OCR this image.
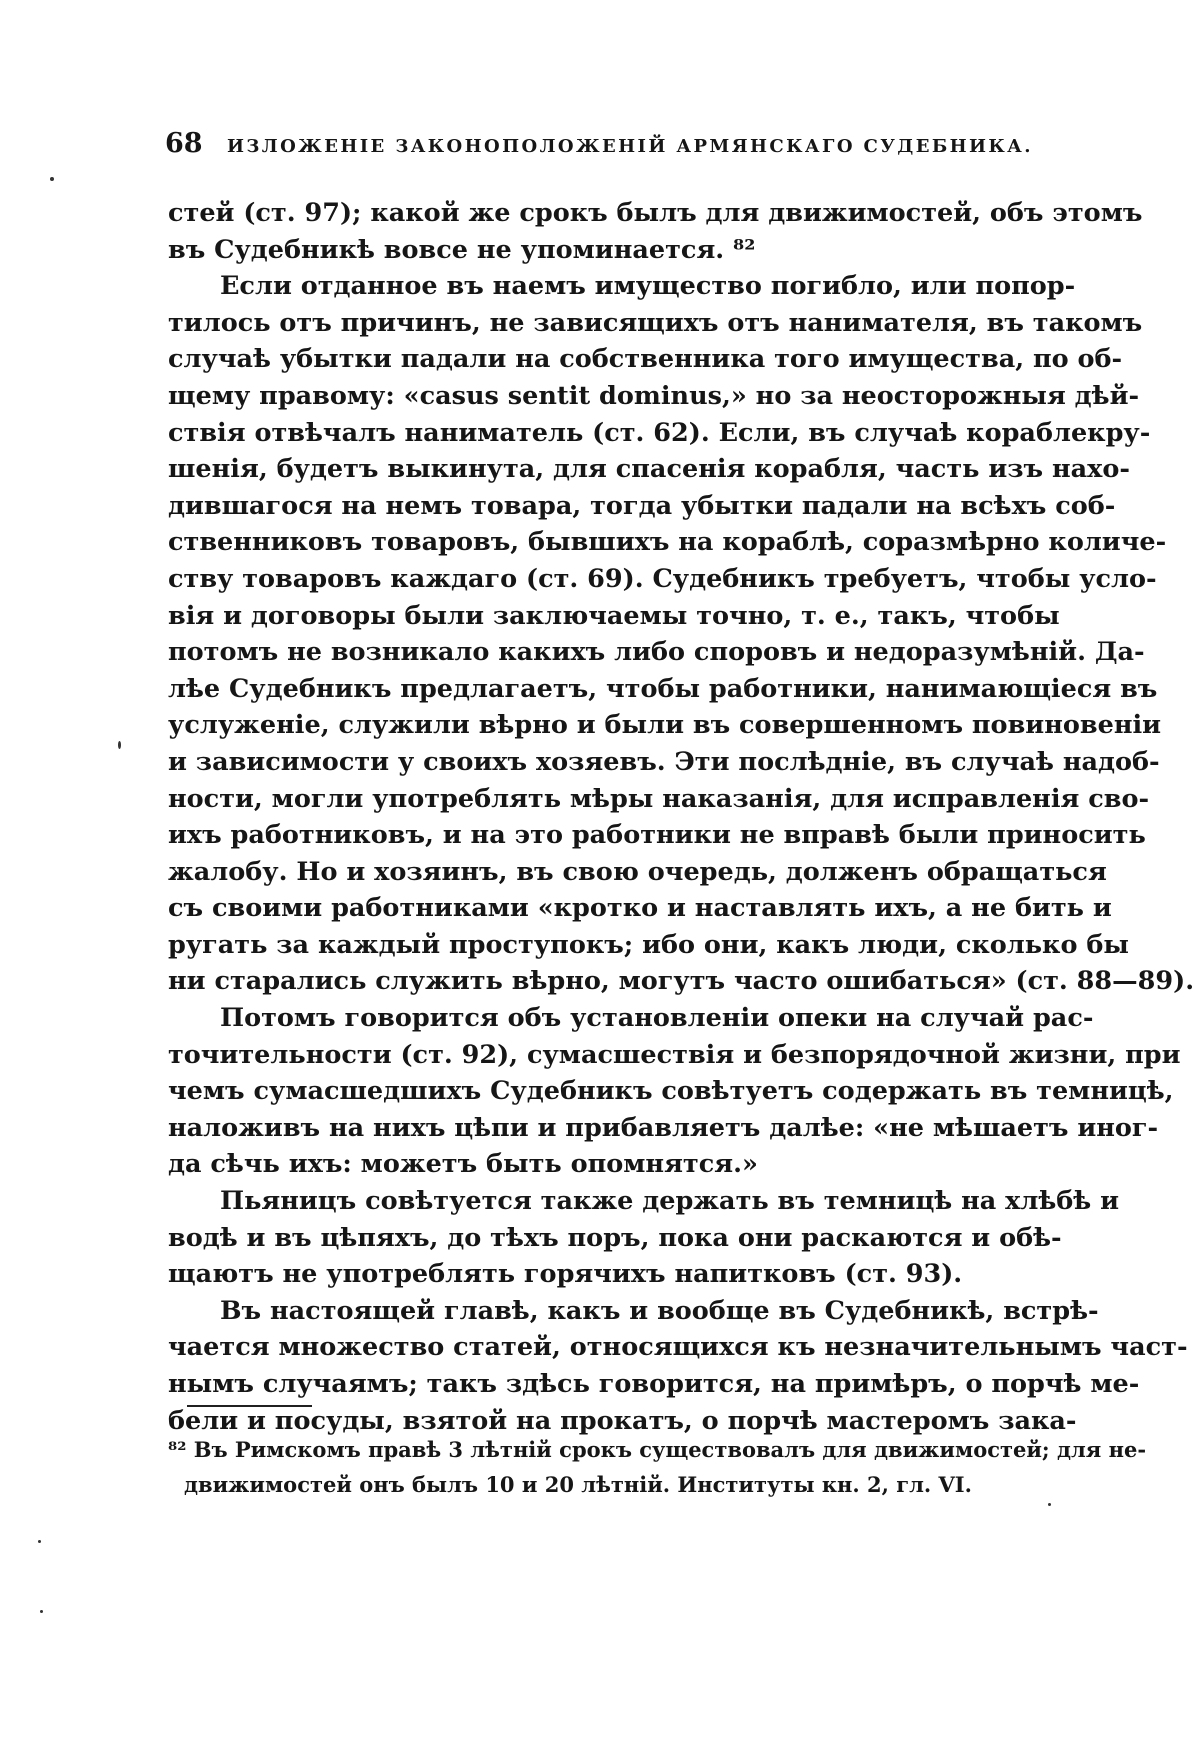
68	ИЗЛОЖЕНІЕ ЗАКОНОПОЛОЖЕНІЙ АРМЯНСКАГО СУДЕБНИКА.
стей (ст. 97); какой же срокъ былъ для движимостей, объ этомъ
въ Судебникѣ вовсе не упоминается. ⁸²
Если отданное въ наемъ имущество погибло, или попор-
тилось отъ причинъ, не зависящихъ отъ нанимателя, въ такомъ
случаѣ убытки падали на собственника того имущества, по об-
щему правому: «casus sentit dominus,» но за неосторожныя дѣй-
ствія отвѣчалъ наниматель (ст. 62). Если, въ случаѣ кораблекру-
шенія, будетъ выкинута, для спасенія корабля, часть изъ нахо-
дившагося на немъ товара, тогда убытки падали на всѣхъ соб-
ственниковъ товаровъ, бывшихъ на кораблѣ, соразмѣрно количе-
ству товаровъ каждаго (ст. 69). Судебникъ требуетъ, чтобы усло-
вія и договоры были заключаемы точно, т. е., такъ, чтобы
потомъ не возникало какихъ либо споровъ и недоразумѣній. Да-
лѣе Судебникъ предлагаетъ, чтобы работники, нанимающіеся въ
услуженіе, служили вѣрно и были въ совершенномъ повиновеніи
и зависимости у своихъ хозяевъ. Эти послѣдніе, въ случаѣ надоб-
ности, могли употреблять мѣры наказанія, для исправленія сво-
ихъ работниковъ, и на это работники не вправѣ были приносить
жалобу. Но и хозяинъ, въ свою очередь, долженъ обращаться
съ своими работниками «кротко и наставлять ихъ, а не бить и
ругать за каждый проступокъ; ибо они, какъ люди, сколько бы
ни старались служить вѣрно, могутъ часто ошибаться» (ст. 88—89).
Потомъ говорится объ установленіи опеки на случай рас-
точительности (ст. 92), сумасшествія и безпорядочной жизни, при
чемъ сумасшедшихъ Судебникъ совѣтуетъ содержать въ темницѣ,
наложивъ на нихъ цѣпи и прибавляетъ далѣе: «не мѣшаетъ иног-
да сѣчь ихъ: можетъ быть опомнятся.»
Пьяницъ совѣтуется также держать въ темницѣ на хлѣбѣ и
водѣ и въ цѣпяхъ, до тѣхъ поръ, пока они раскаются и обѣ-
щаютъ не употреблять горячихъ напитковъ (ст. 93).
Въ настоящей главѣ, какъ и вообще въ Судебникѣ, встрѣ-
чается множество статей, относящихся къ незначительнымъ част-
нымъ случаямъ; такъ здѣсь говорится, на примѣръ, о порчѣ ме-
бели и посуды, взятой на прокатъ, о порчѣ мастеромъ зака-
⁸² Въ Римскомъ правѣ 3 лѣтній срокъ существовалъ для движимостей; для не-
движимостей онъ былъ 10 и 20 лѣтній. Институты кн. 2, гл. VI.
